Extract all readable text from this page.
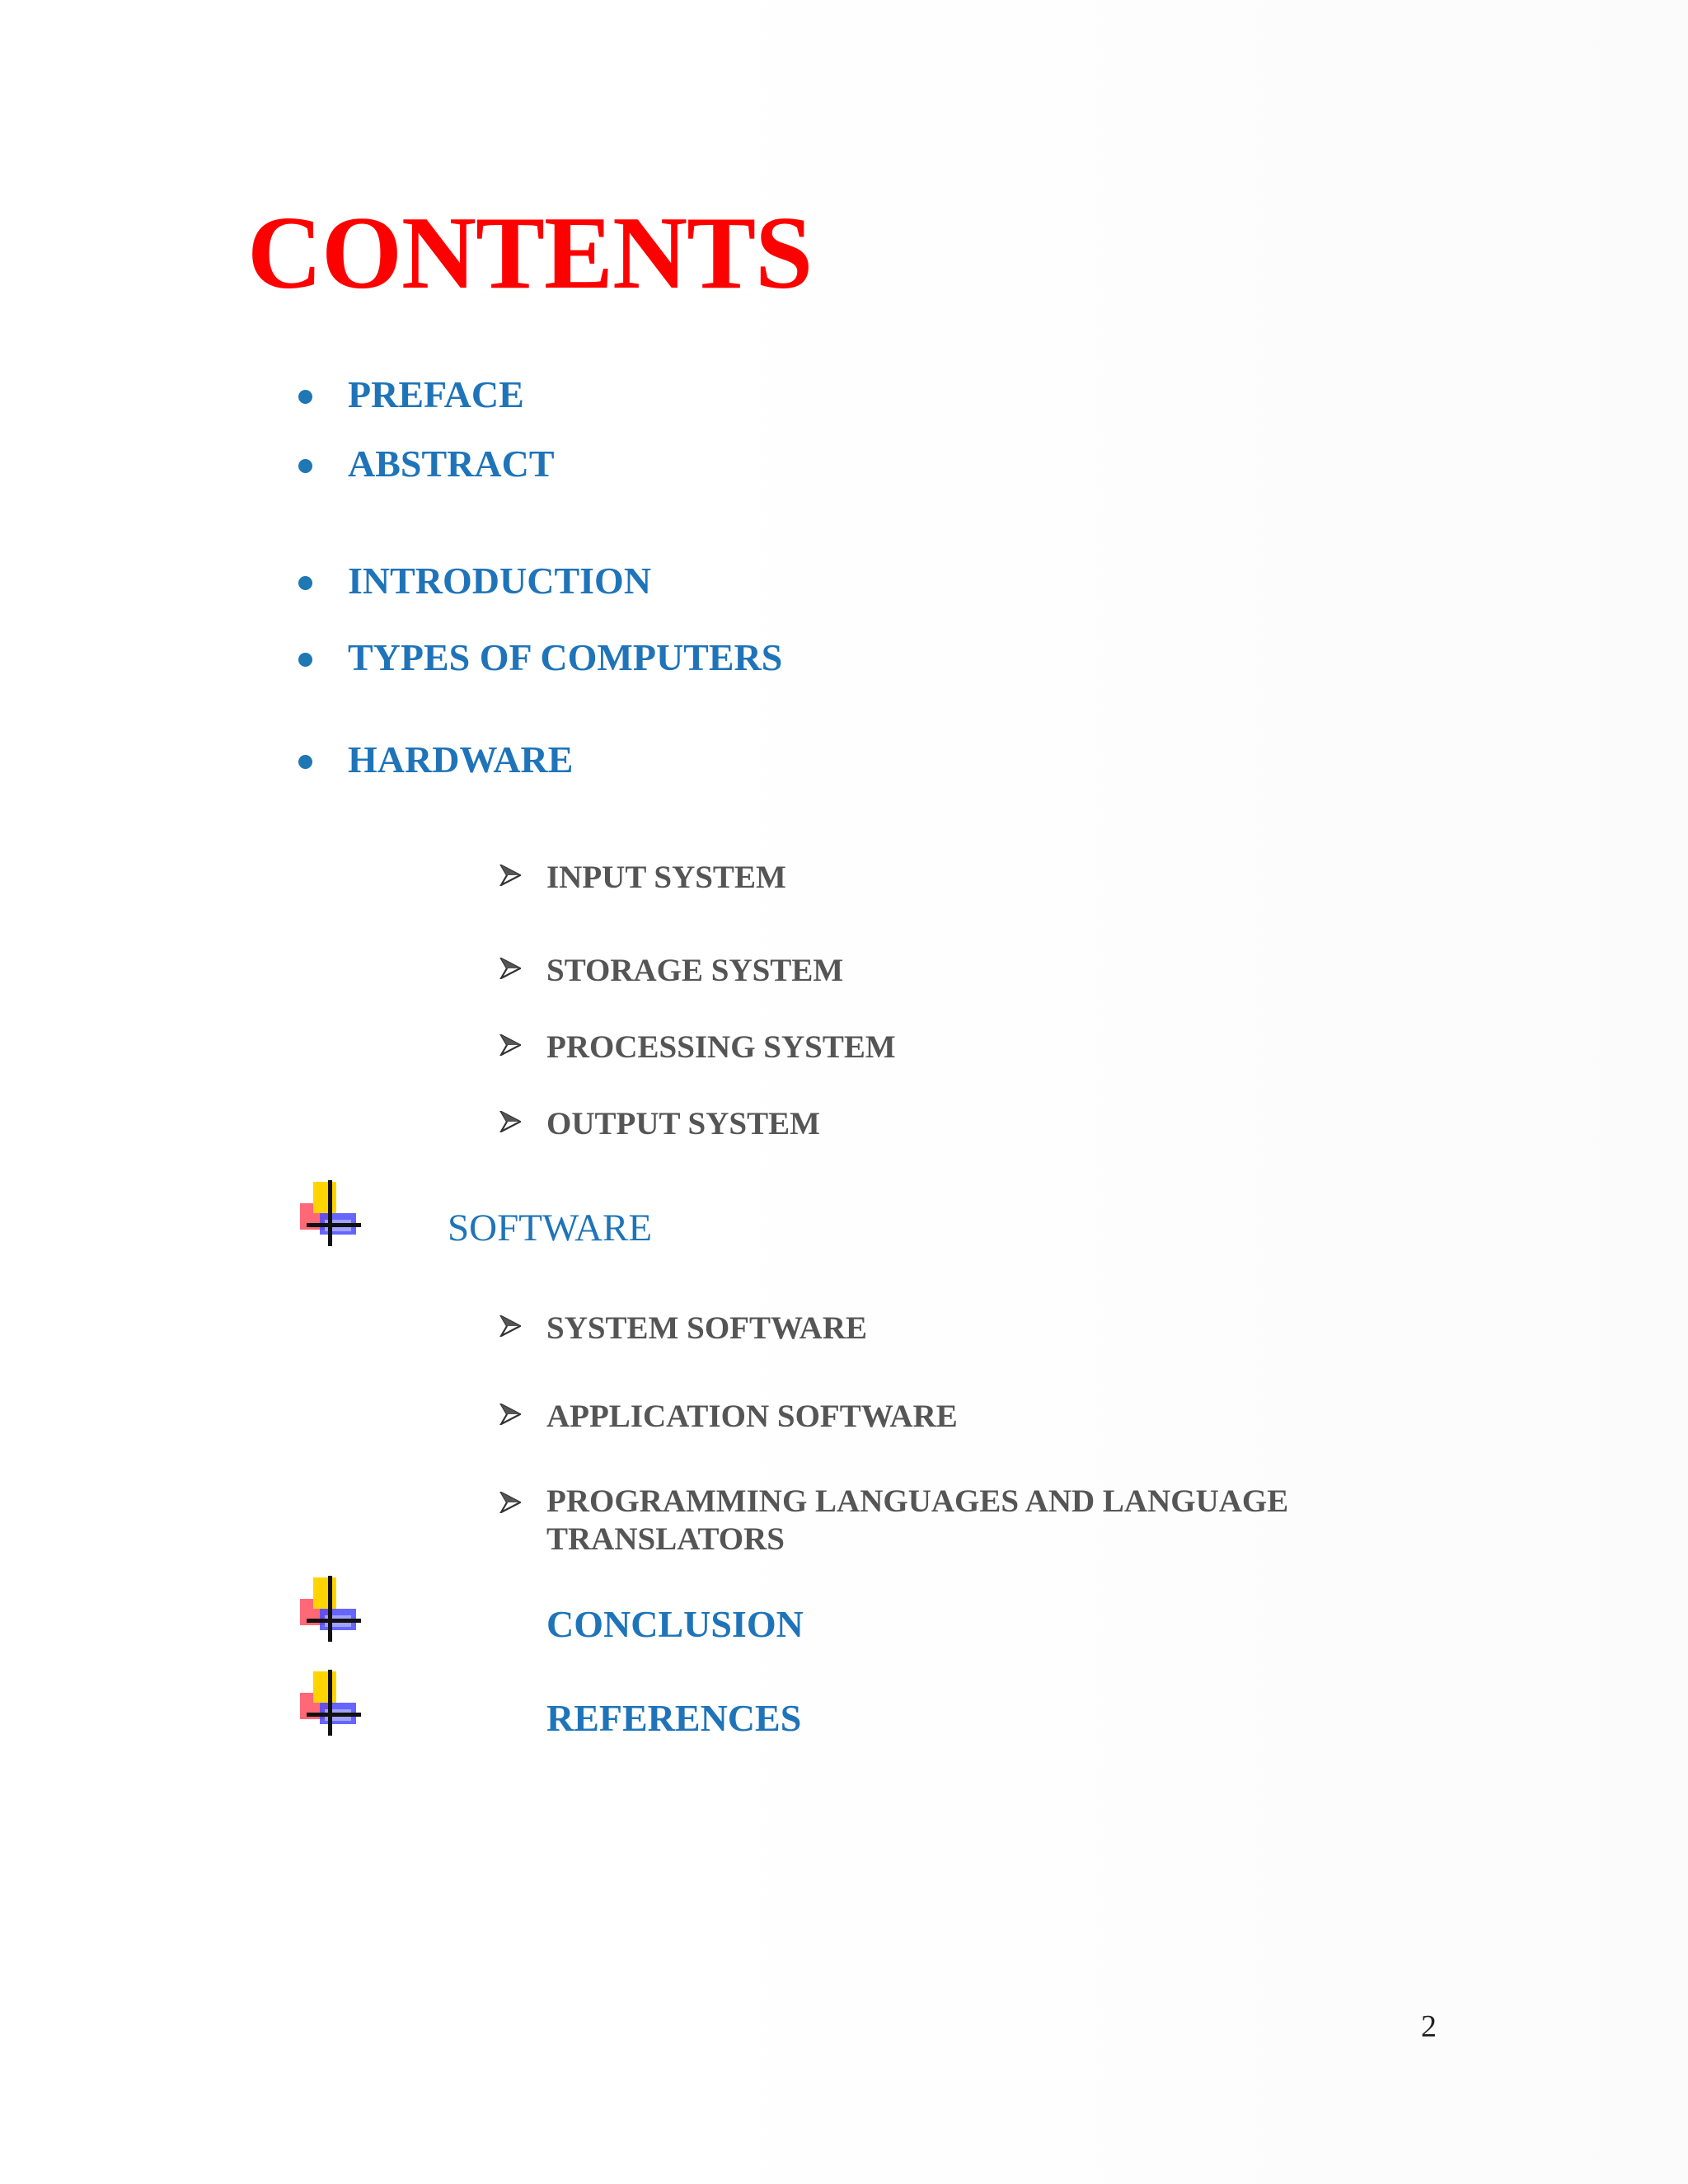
CONTENTS

PREFACE

ABSTRACT

INTRODUCTION

TYPES OF COMPUTERS

HARDWARE

INPUT SYSTEM

STORAGE SYSTEM

PROCESSING SYSTEM

OUTPUT SYSTEM

SOFTWARE

SYSTEM SOFTWARE

APPLICATION SOFTWARE

PROGRAMMING LANGUAGES AND LANGUAGE TRANSLATORS

CONCLUSION

REFERENCES

2
